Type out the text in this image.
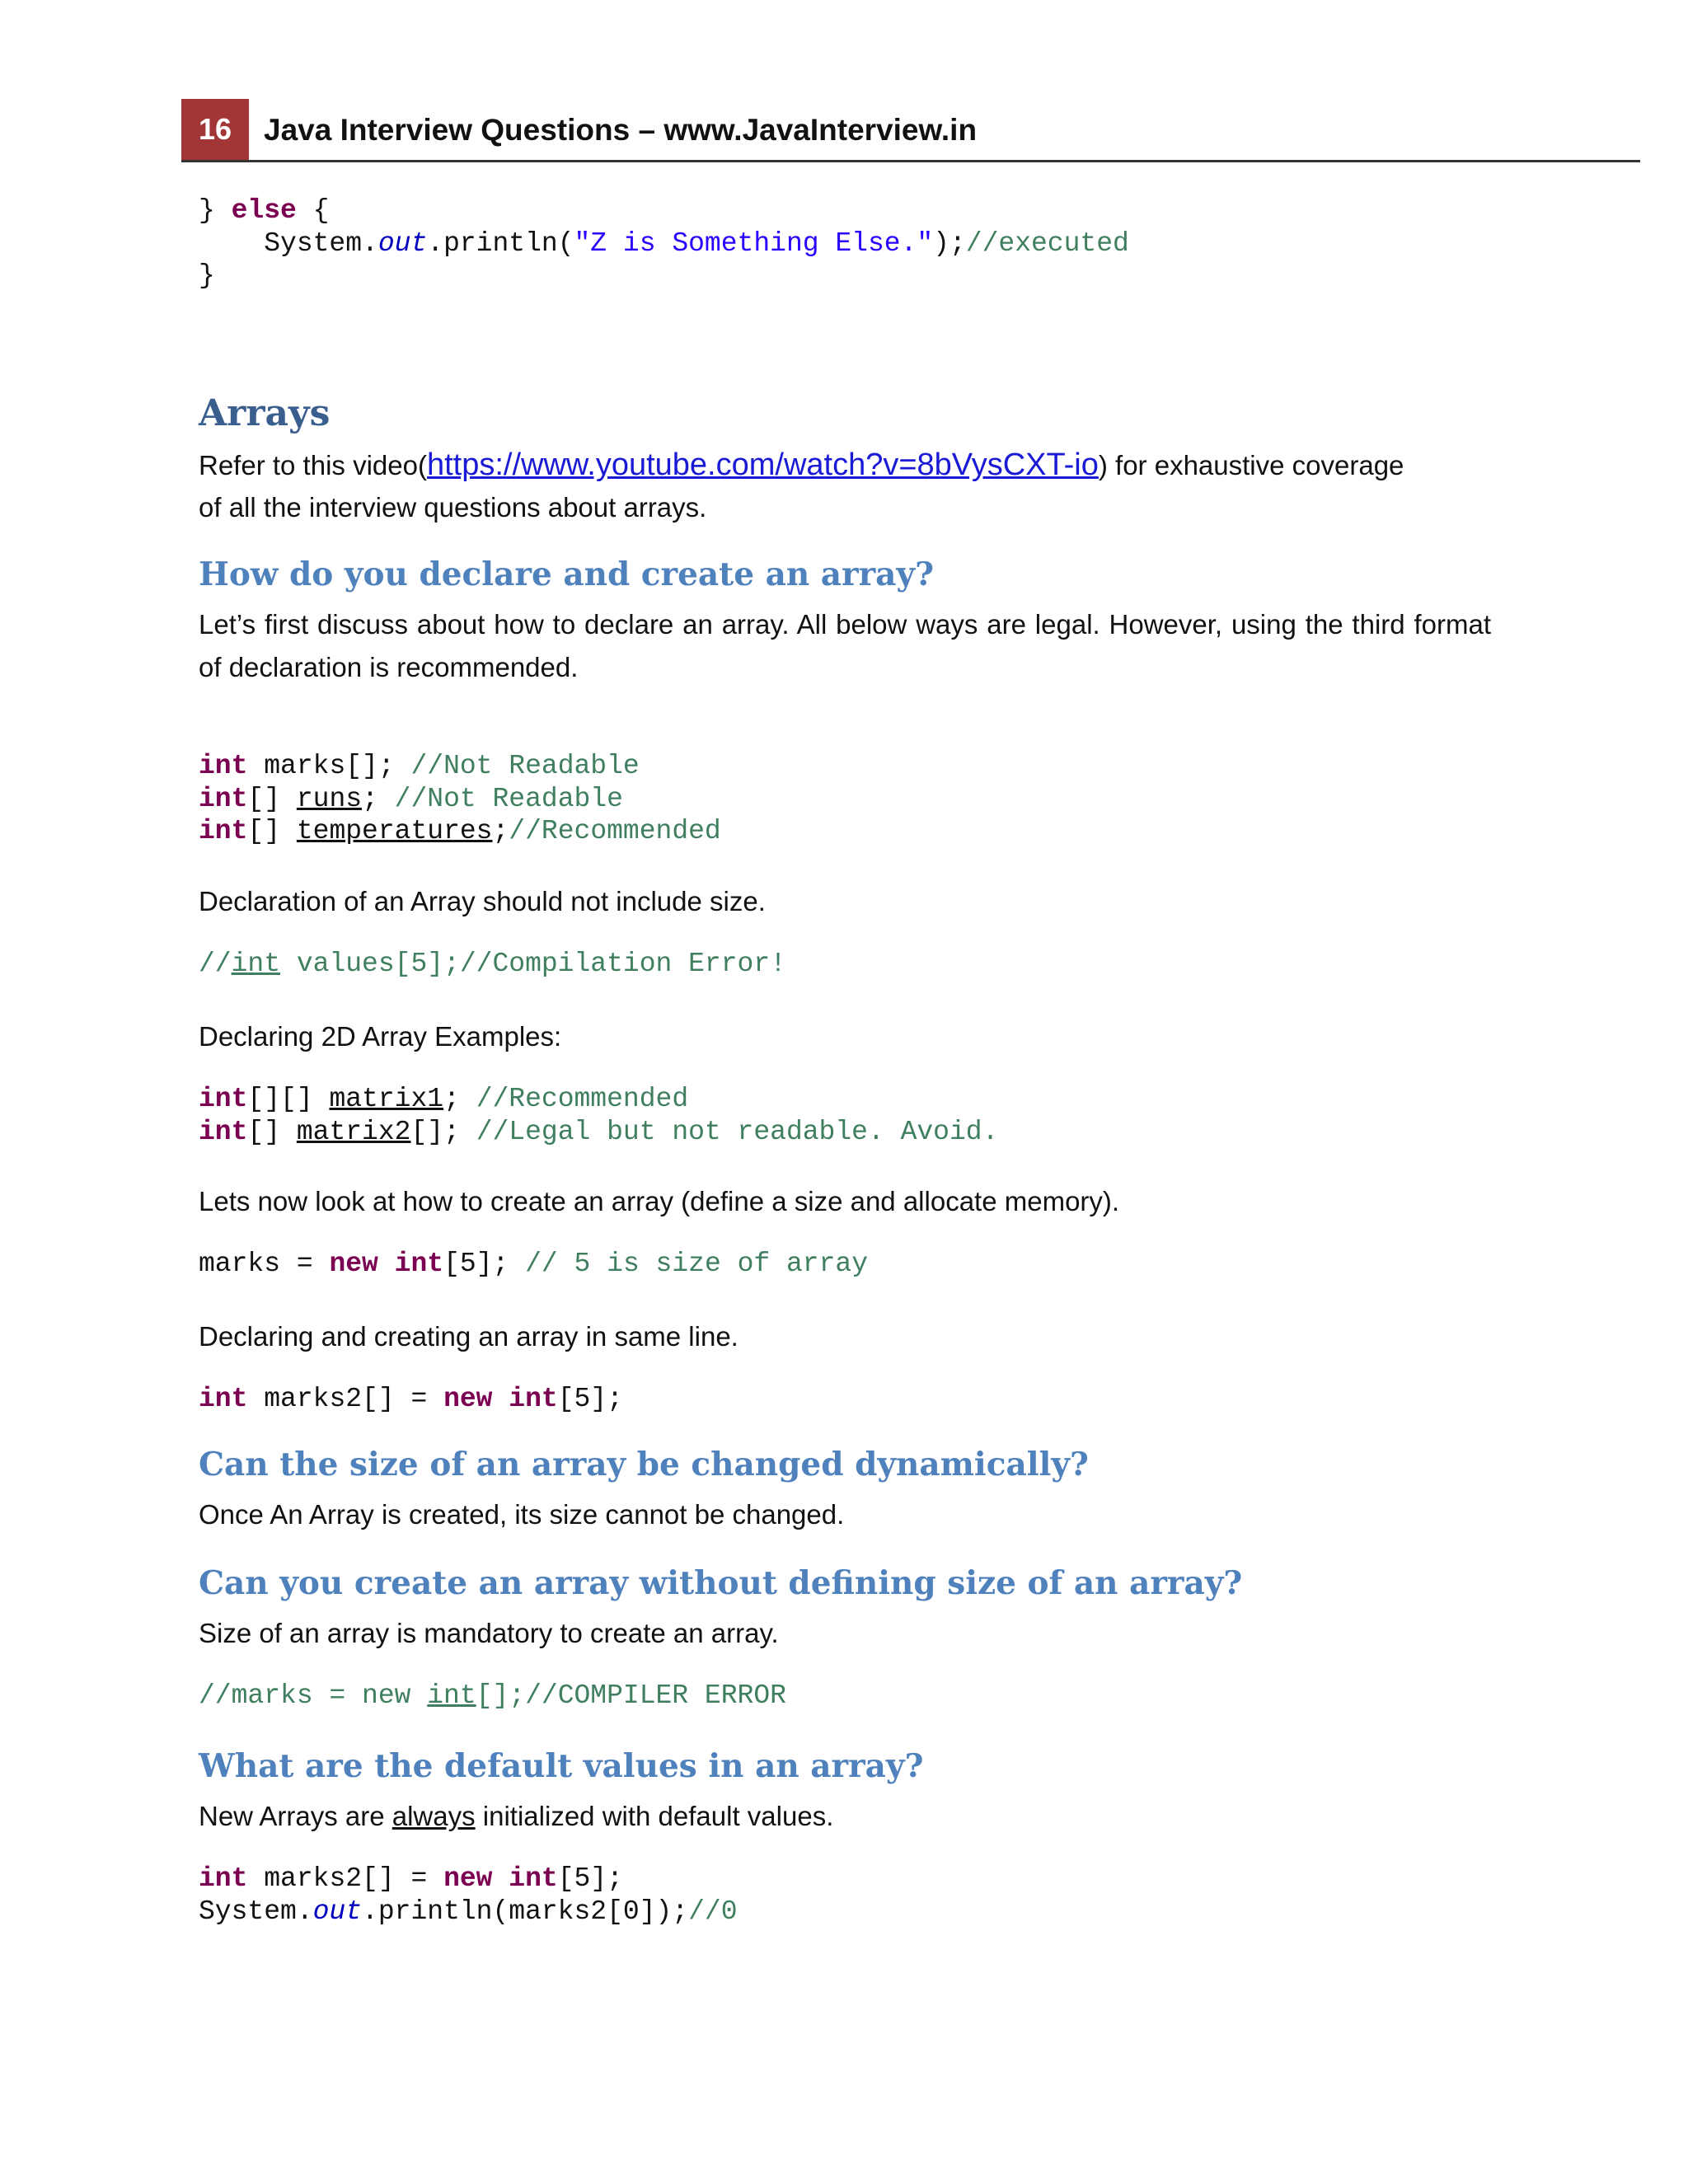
16	Java Interview Questions – www.JavaInterview.in
} else {
System.out.println("Z is Something Else.");//executed
}
Arrays

Refer to this video(https://www.youtube.com/watch?v=8bVysCXT-io) for exhaustive coverage

of all the interview questions about arrays.

How do you declare and create an array?

Let’s first discuss about how to declare an array. All below ways are legal. However, using the third format of declaration is recommended.

int marks[]; //Not Readable
int[] runs; //Not Readable
int[] temperatures;//Recommended

Declaration of an Array should not include size.

//int values[5];//Compilation Error!

Declaring 2D Array Examples:

int[][] matrix1; //Recommended
int[] matrix2[]; //Legal but not readable. Avoid.

Lets now look at how to create an array (define a size and allocate memory).

marks = new int[5]; // 5 is size of array

Declaring and creating an array in same line.

int marks2[] = new int[5];
Can the size of an array be changed dynamically?

Once An Array is created, its size cannot be changed.

Can you create an array without defining size of an array?

Size of an array is mandatory to create an array.

//marks = new int[];//COMPILER ERROR
What are the default values in an array?

New Arrays are always initialized with default values.

int marks2[] = new int[5];
System.out.println(marks2[0]);//0
